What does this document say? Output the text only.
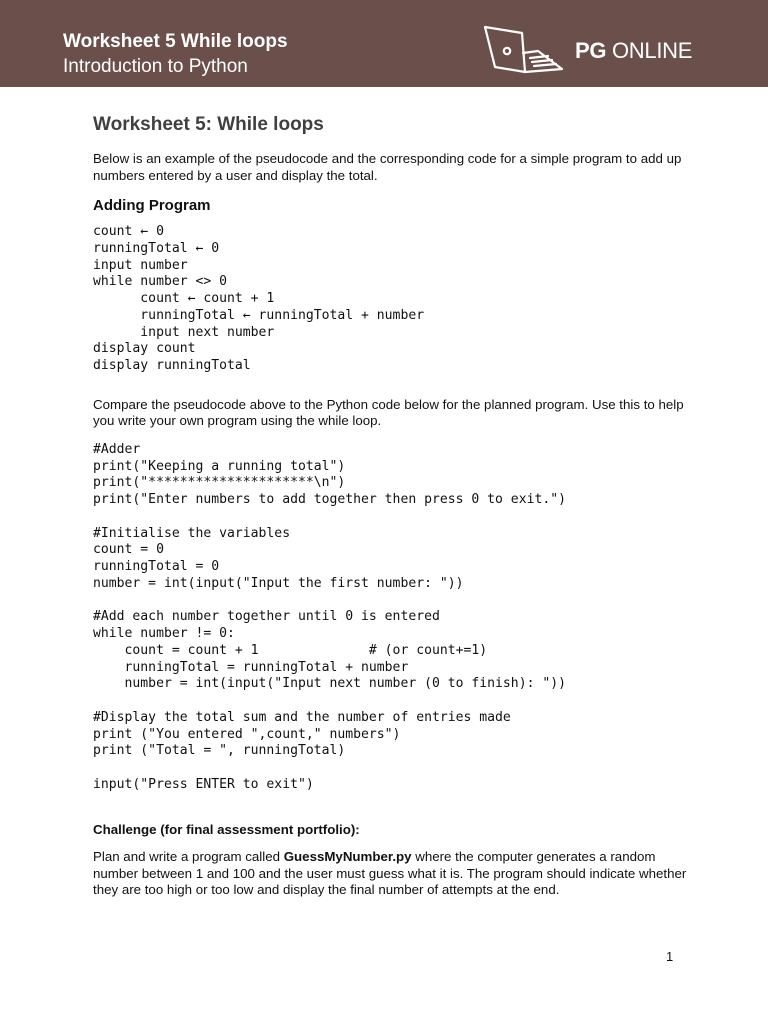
Worksheet 5 While loops
Introduction to Python
PG ONLINE
Worksheet 5: While loops

Below is an example of the pseudocode and the corresponding code for a simple program to add up numbers entered by a user and display the total.

Adding Program
count ← 0
runningTotal ← 0
input number
while number <> 0
count ← count + 1
runningTotal ← runningTotal + number
input next number
display count
display runningTotal

Compare the pseudocode above to the Python code below for the planned program. Use this to help you write your own program using the while loop.

#Adder
print("Keeping a running total")
print("*********************\n")
print("Enter numbers to add together then press 0 to exit.")

#Initialise the variables
count = 0
runningTotal = 0
number = int(input("Input the first number: "))

#Add each number together until 0 is entered
while number != 0:
count = count + 1              # (or count+=1)
runningTotal = runningTotal + number
number = int(input("Input next number (0 to finish): "))

#Display the total sum and the number of entries made
print ("You entered ",count," numbers")
print ("Total = ", runningTotal)

input("Press ENTER to exit")
Challenge (for final assessment portfolio):

Plan and write a program called GuessMyNumber.py where the computer generates a random number between 1 and 100 and the user must guess what it is. The program should indicate whether they are too high or too low and display the final number of attempts at the end.

1
